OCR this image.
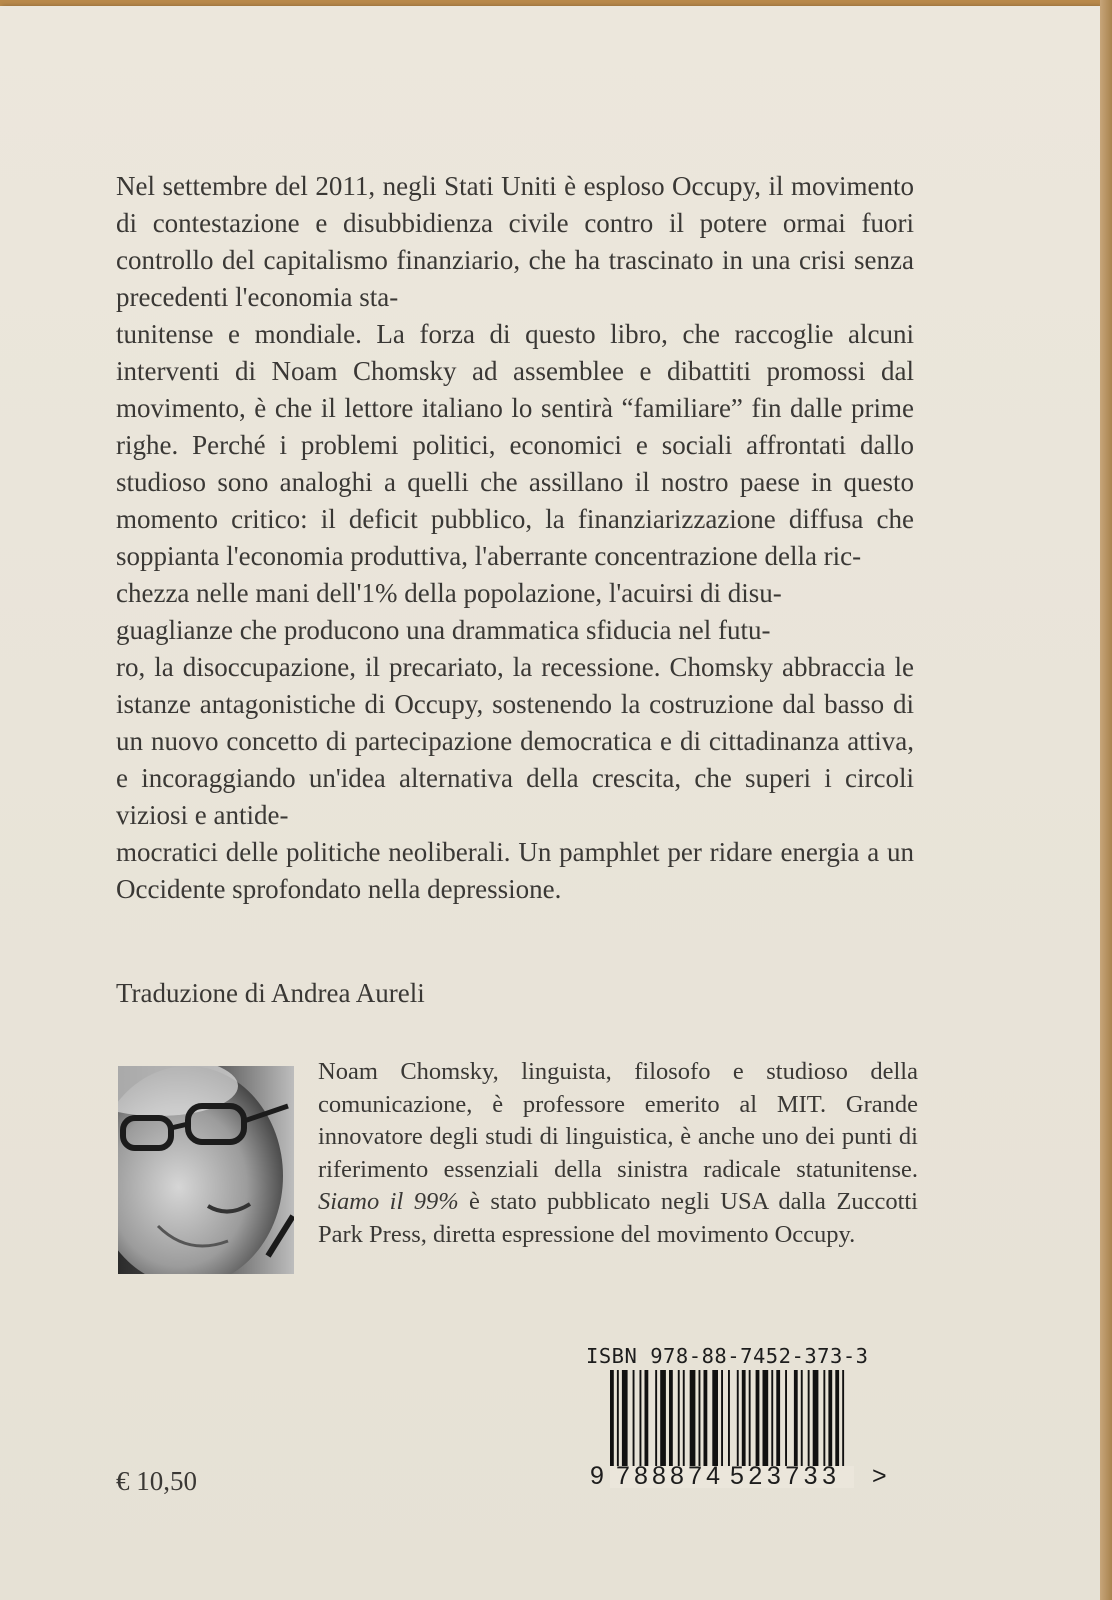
Nel settembre del 2011, negli Stati Uniti è esploso Occupy, il movimento di contestazione e disubbidienza civile contro il potere ormai fuori controllo del capitalismo finanziario, che ha trascinato in una crisi senza precedenti l'economia sta-
tunitense e mondiale. La forza di questo libro, che raccoglie alcuni interventi di Noam Chomsky ad assemblee e dibattiti promossi dal movimento, è che il lettore italiano lo sentirà “familiare” fin dalle prime righe. Perché i problemi politici, economici e sociali affrontati dallo studioso sono analoghi a quelli che assillano il nostro paese in questo momento critico: il deficit pubblico, la finanziarizzazione diffusa che soppianta l'economia produttiva, l'aberrante concentrazione della ric-
chezza nelle mani dell'1% della popolazione, l'acuirsi di disu-
guaglianze che producono una drammatica sfiducia nel futu-
ro, la disoccupazione, il precariato, la recessione. Chomsky abbraccia le istanze antagonistiche di Occupy, sostenendo la costruzione dal basso di un nuovo concetto di partecipazione democratica e di cittadinanza attiva, e incoraggiando un'idea alternativa della crescita, che superi i circoli viziosi e antide-
mocratici delle politiche neoliberali. Un pamphlet per ridare energia a un Occidente sprofondato nella depressione.

Traduzione di Andrea Aureli

Noam Chomsky, linguista, filosofo e studioso della comunicazione, è professore emerito al MIT. Grande innovatore degli studi di linguistica, è anche uno dei punti di riferimento essenziali della sinistra radicale statunitense. Siamo il 99% è stato pubblicato negli USA dalla Zuccotti Park Press, diretta espressione del movimento Occupy.

ISBN 978-88-7452-373-3
9 788874 523733 >
€ 10,50
